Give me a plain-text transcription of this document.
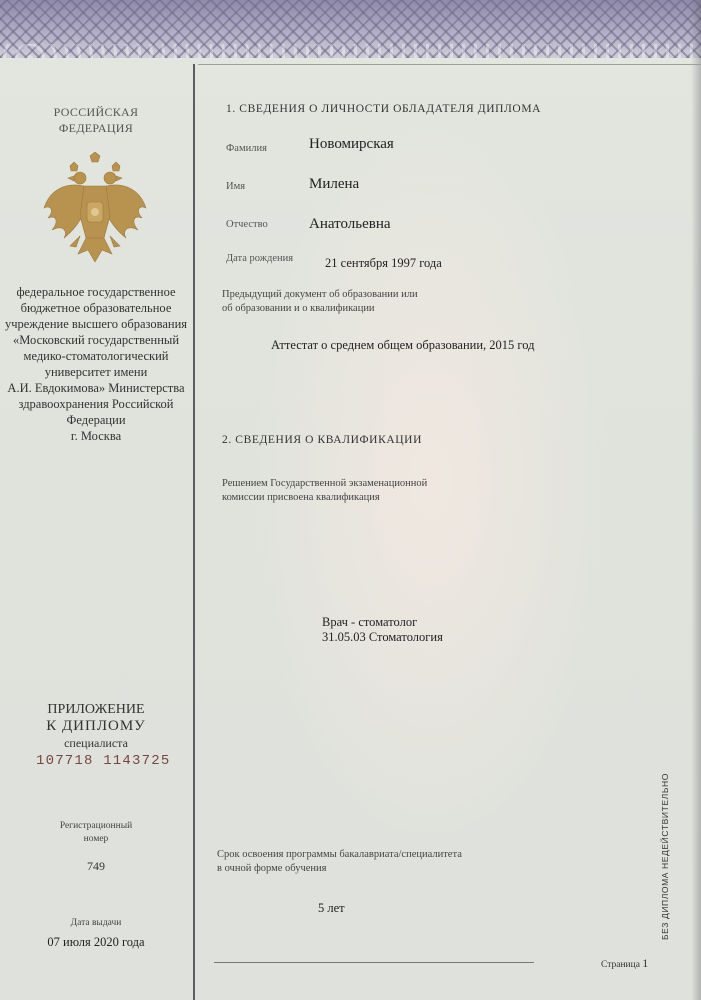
РОССИЙСКАЯ
ФЕДЕРАЦИЯ
федеральное государственное
бюджетное образовательное
учреждение высшего образования
«Московский государственный
медико-стоматологический
университет имени
А.И. Евдокимова» Министерства
здравоохранения Российской
Федерации
г. Москва
ПРИЛОЖЕНИЕ
К ДИПЛОМУ
специалиста
107718 1143725
Регистрационный
номер
749
Дата выдачи
07 июля 2020 года
1. СВЕДЕНИЯ О ЛИЧНОСТИ ОБЛАДАТЕЛЯ ДИПЛОМА
Фамилия	Новомирская
Имя	Милена
Отчество	Анатольевна
Дата рождения	21 сентября 1997 года
Предыдущий документ об образовании или
об образовании и о квалификации
Аттестат о среднем общем образовании, 2015 год
2. СВЕДЕНИЯ О КВАЛИФИКАЦИИ
Решением Государственной экзаменационной
комиссии присвоена квалификация
Врач - стоматолог
31.05.03 Стоматология
Срок освоения программы бакалавриата/специалитета
в очной форме обучения
5 лет
Страница 1
БЕЗ ДИПЛОМА НЕДЕЙСТВИТЕЛЬНО
